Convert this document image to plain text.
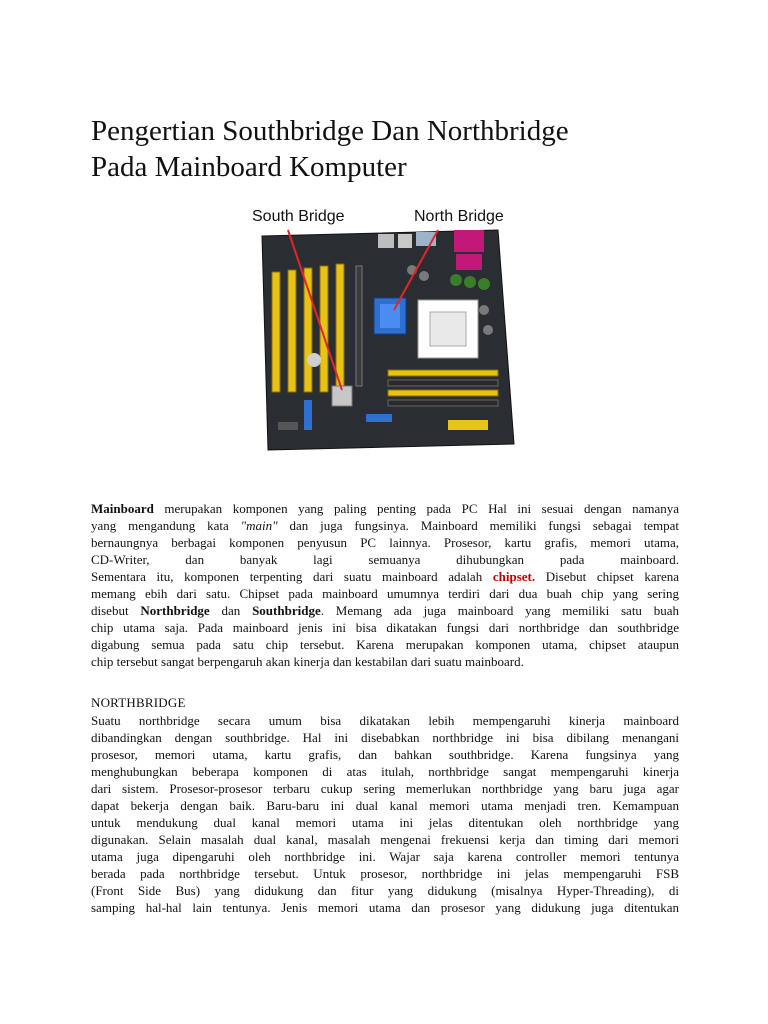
Pengertian Southbridge Dan Northbridge
Pada Mainboard Komputer
South Bridge	North Bridge
Mainboard merupakan komponen yang paling penting pada PC Hal ini sesuai dengan namanya
yang mengandung kata "main" dan juga fungsinya. Mainboard memiliki fungsi sebagai tempat
bernaungnya berbagai komponen penyusun PC lainnya. Prosesor, kartu grafis, memori utama,
CD-Writer, dan banyak lagi semuanya dihubungkan pada mainboard.
Sementara itu, komponen terpenting dari suatu mainboard adalah chipset. Disebut chipset karena
memang ebih dari satu. Chipset pada mainboard umumnya terdiri dari dua buah chip yang sering
disebut Northbridge dan Southbridge. Memang ada juga mainboard yang memiliki satu buah
chip utama saja. Pada mainboard jenis ini bisa dikatakan fungsi dari northbridge dan southbridge
digabung semua pada satu chip tersebut. Karena merupakan komponen utama, chipset ataupun
chip tersebut sangat berpengaruh akan kinerja dan kestabilan dari suatu mainboard.
NORTHBRIDGE
Suatu northbridge secara umum bisa dikatakan lebih mempengaruhi kinerja mainboard
dibandingkan dengan southbridge. Hal ini disebabkan northbridge ini bisa dibilang menangani
prosesor, memori utama, kartu grafis, dan bahkan southbridge. Karena fungsinya yang
menghubungkan beberapa komponen di atas itulah, northbridge sangat mempengaruhi kinerja
dari sistem. Prosesor-prosesor terbaru cukup sering memerlukan northbridge yang baru juga agar
dapat bekerja dengan baik. Baru-baru ini dual kanal memori utama menjadi tren. Kemampuan
untuk mendukung dual kanal memori utama ini jelas ditentukan oleh northbridge yang
digunakan. Selain masalah dual kanal, masalah mengenai frekuensi kerja dan timing dari memori
utama juga dipengaruhi oleh northbridge ini. Wajar saja karena controller memori tentunya
berada pada northbridge tersebut. Untuk prosesor, northbridge ini jelas mempengaruhi FSB
(Front Side Bus) yang didukung dan fitur yang didukung (misalnya Hyper-Threading), di
samping hal-hal lain tentunya. Jenis memori utama dan prosesor yang didukung juga ditentukan
